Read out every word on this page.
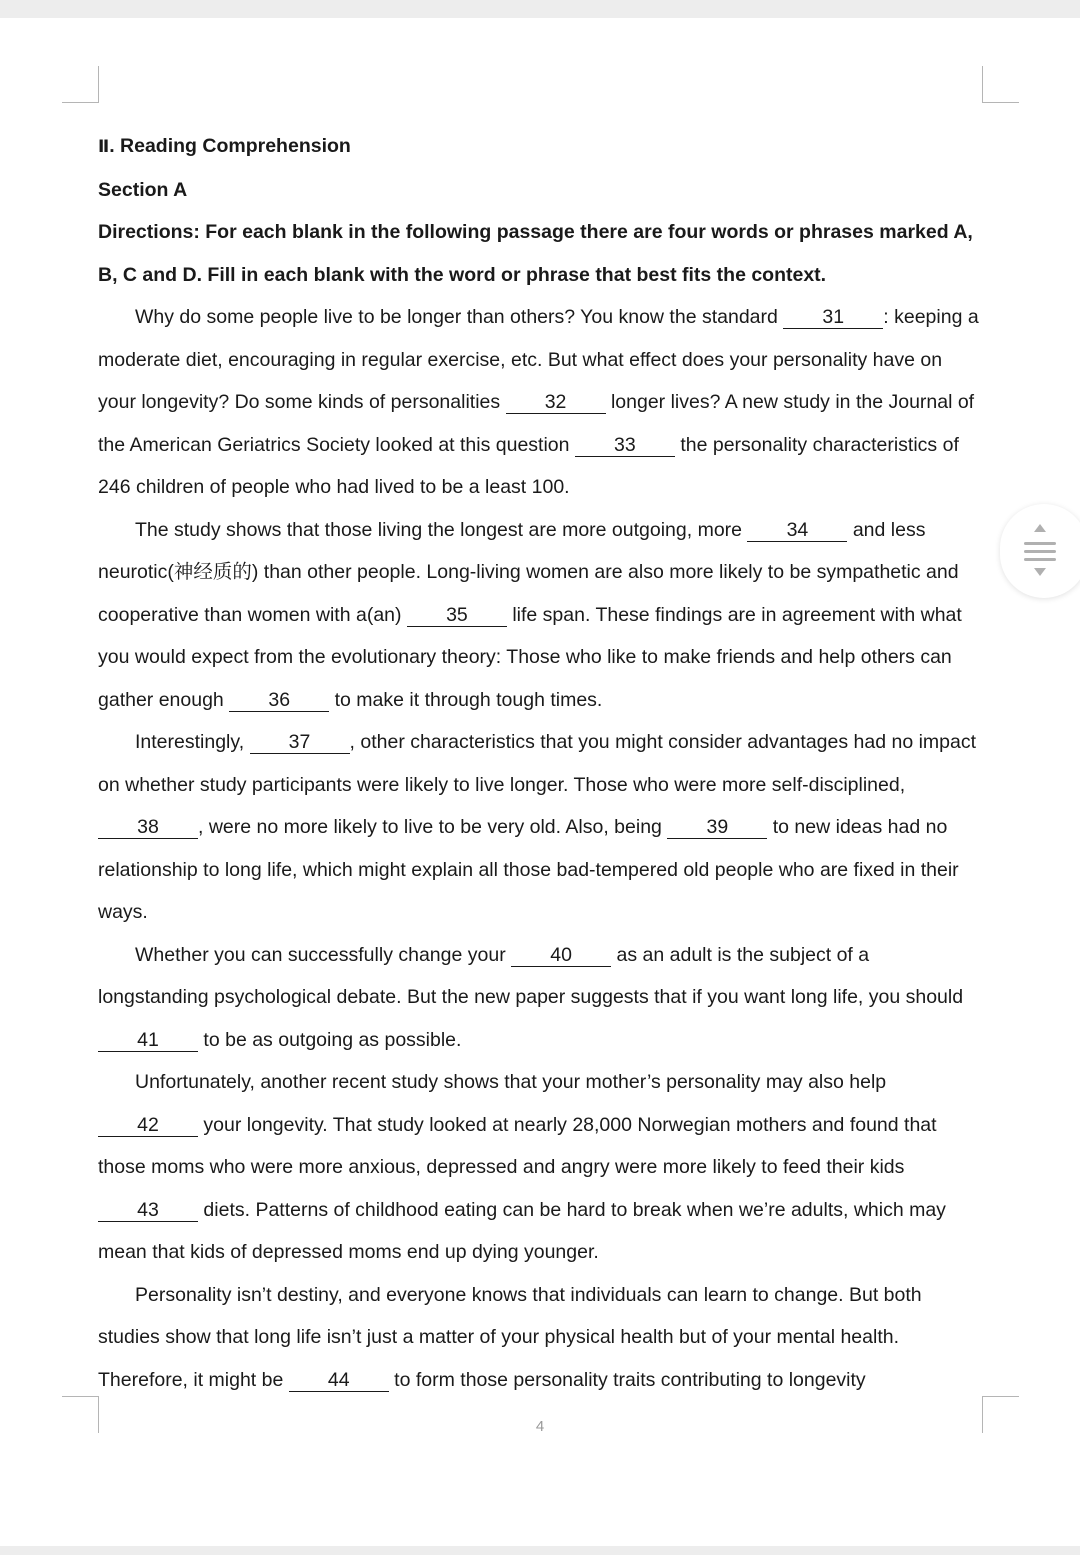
Ⅱ. Reading Comprehension

Section A

Directions: For each blank in the following passage there are four words or phrases marked A, B, C and D. Fill in each blank with the word or phrase that best fits the context.

Why do some people live to be longer than others? You know the standard 31 : keeping a moderate diet, encouraging in regular exercise, etc. But what effect does your personality have on your longevity? Do some kinds of personalities 32 longer lives? A new study in the Journal of the American Geriatrics Society looked at this question 33 the personality characteristics of 246 children of people who had lived to be a least 100.

The study shows that those living the longest are more outgoing, more 34 and less neurotic(神经质的) than other people. Long-living women are also more likely to be sympathetic and cooperative than women with a(an) 35 life span. These findings are in agreement with what you would expect from the evolutionary theory: Those who like to make friends and help others can gather enough 36 to make it through tough times.

Interestingly, 37 , other characteristics that you might consider advantages had no impact on whether study participants were likely to live longer. Those who were more self-disciplined, 38 , were no more likely to live to be very old. Also, being 39 to new ideas had no relationship to long life, which might explain all those bad-tempered old people who are fixed in their ways.

Whether you can successfully change your 40 as an adult is the subject of a longstanding psychological debate. But the new paper suggests that if you want long life, you should 41 to be as outgoing as possible.

Unfortunately, another recent study shows that your mother’s personality may also help 42 your longevity. That study looked at nearly 28,000 Norwegian mothers and found that those moms who were more anxious, depressed and angry were more likely to feed their kids 43 diets. Patterns of childhood eating can be hard to break when we’re adults, which may mean that kids of depressed moms end up dying younger.

Personality isn’t destiny, and everyone knows that individuals can learn to change. But both studies show that long life isn’t just a matter of your physical health but of your mental health. Therefore, it might be 44 to form those personality traits contributing to longevity

4
